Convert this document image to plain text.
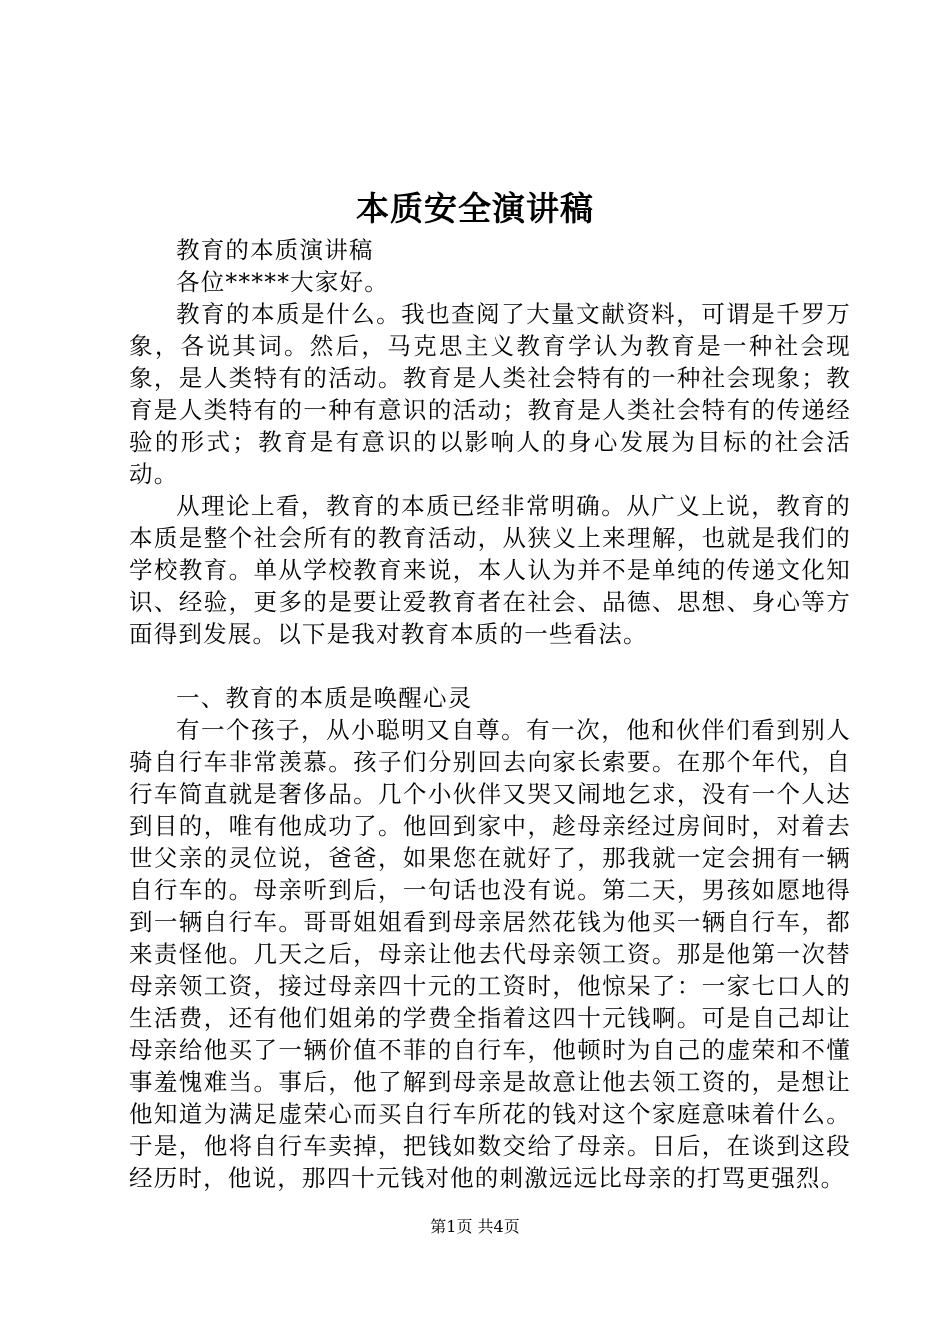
本质安全演讲稿

教育的本质演讲稿

各位*****大家好。

教育的本质是什么。我也查阅了大量文献资料，可谓是千罗万象，各说其词。然后，马克思主义教育学认为教育是一种社会现象，是人类特有的活动。教育是人类社会特有的一种社会现象；教育是人类特有的一种有意识的活动；教育是人类社会特有的传递经验的形式；教育是有意识的以影响人的身心发展为目标的社会活动。

从理论上看，教育的本质已经非常明确。从广义上说，教育的本质是整个社会所有的教育活动，从狭义上来理解，也就是我们的学校教育。单从学校教育来说，本人认为并不是单纯的传递文化知识、经验，更多的是要让爱教育者在社会、品德、思想、身心等方面得到发展。以下是我对教育本质的一些看法。

一、教育的本质是唤醒心灵

有一个孩子，从小聪明又自尊。有一次，他和伙伴们看到别人骑自行车非常羡慕。孩子们分别回去向家长索要。在那个年代，自行车简直就是奢侈品。几个小伙伴又哭又闹地乞求，没有一个人达到目的，唯有他成功了。他回到家中，趁母亲经过房间时，对着去世父亲的灵位说，爸爸，如果您在就好了，那我就一定会拥有一辆自行车的。母亲听到后，一句话也没有说。第二天，男孩如愿地得到一辆自行车。哥哥姐姐看到母亲居然花钱为他买一辆自行车，都来责怪他。几天之后，母亲让他去代母亲领工资。那是他第一次替母亲领工资，接过母亲四十元的工资时，他惊呆了：一家七口人的生活费，还有他们姐弟的学费全指着这四十元钱啊。可是自己却让母亲给他买了一辆价值不菲的自行车，他顿时为自己的虚荣和不懂事羞愧难当。事后，他了解到母亲是故意让他去领工资的，是想让他知道为满足虚荣心而买自行车所花的钱对这个家庭意味着什么。于是，他将自行车卖掉，把钱如数交给了母亲。日后，在谈到这段经历时，他说，那四十元钱对他的刺激远远比母亲的打骂更强烈。

第1页 共4页
